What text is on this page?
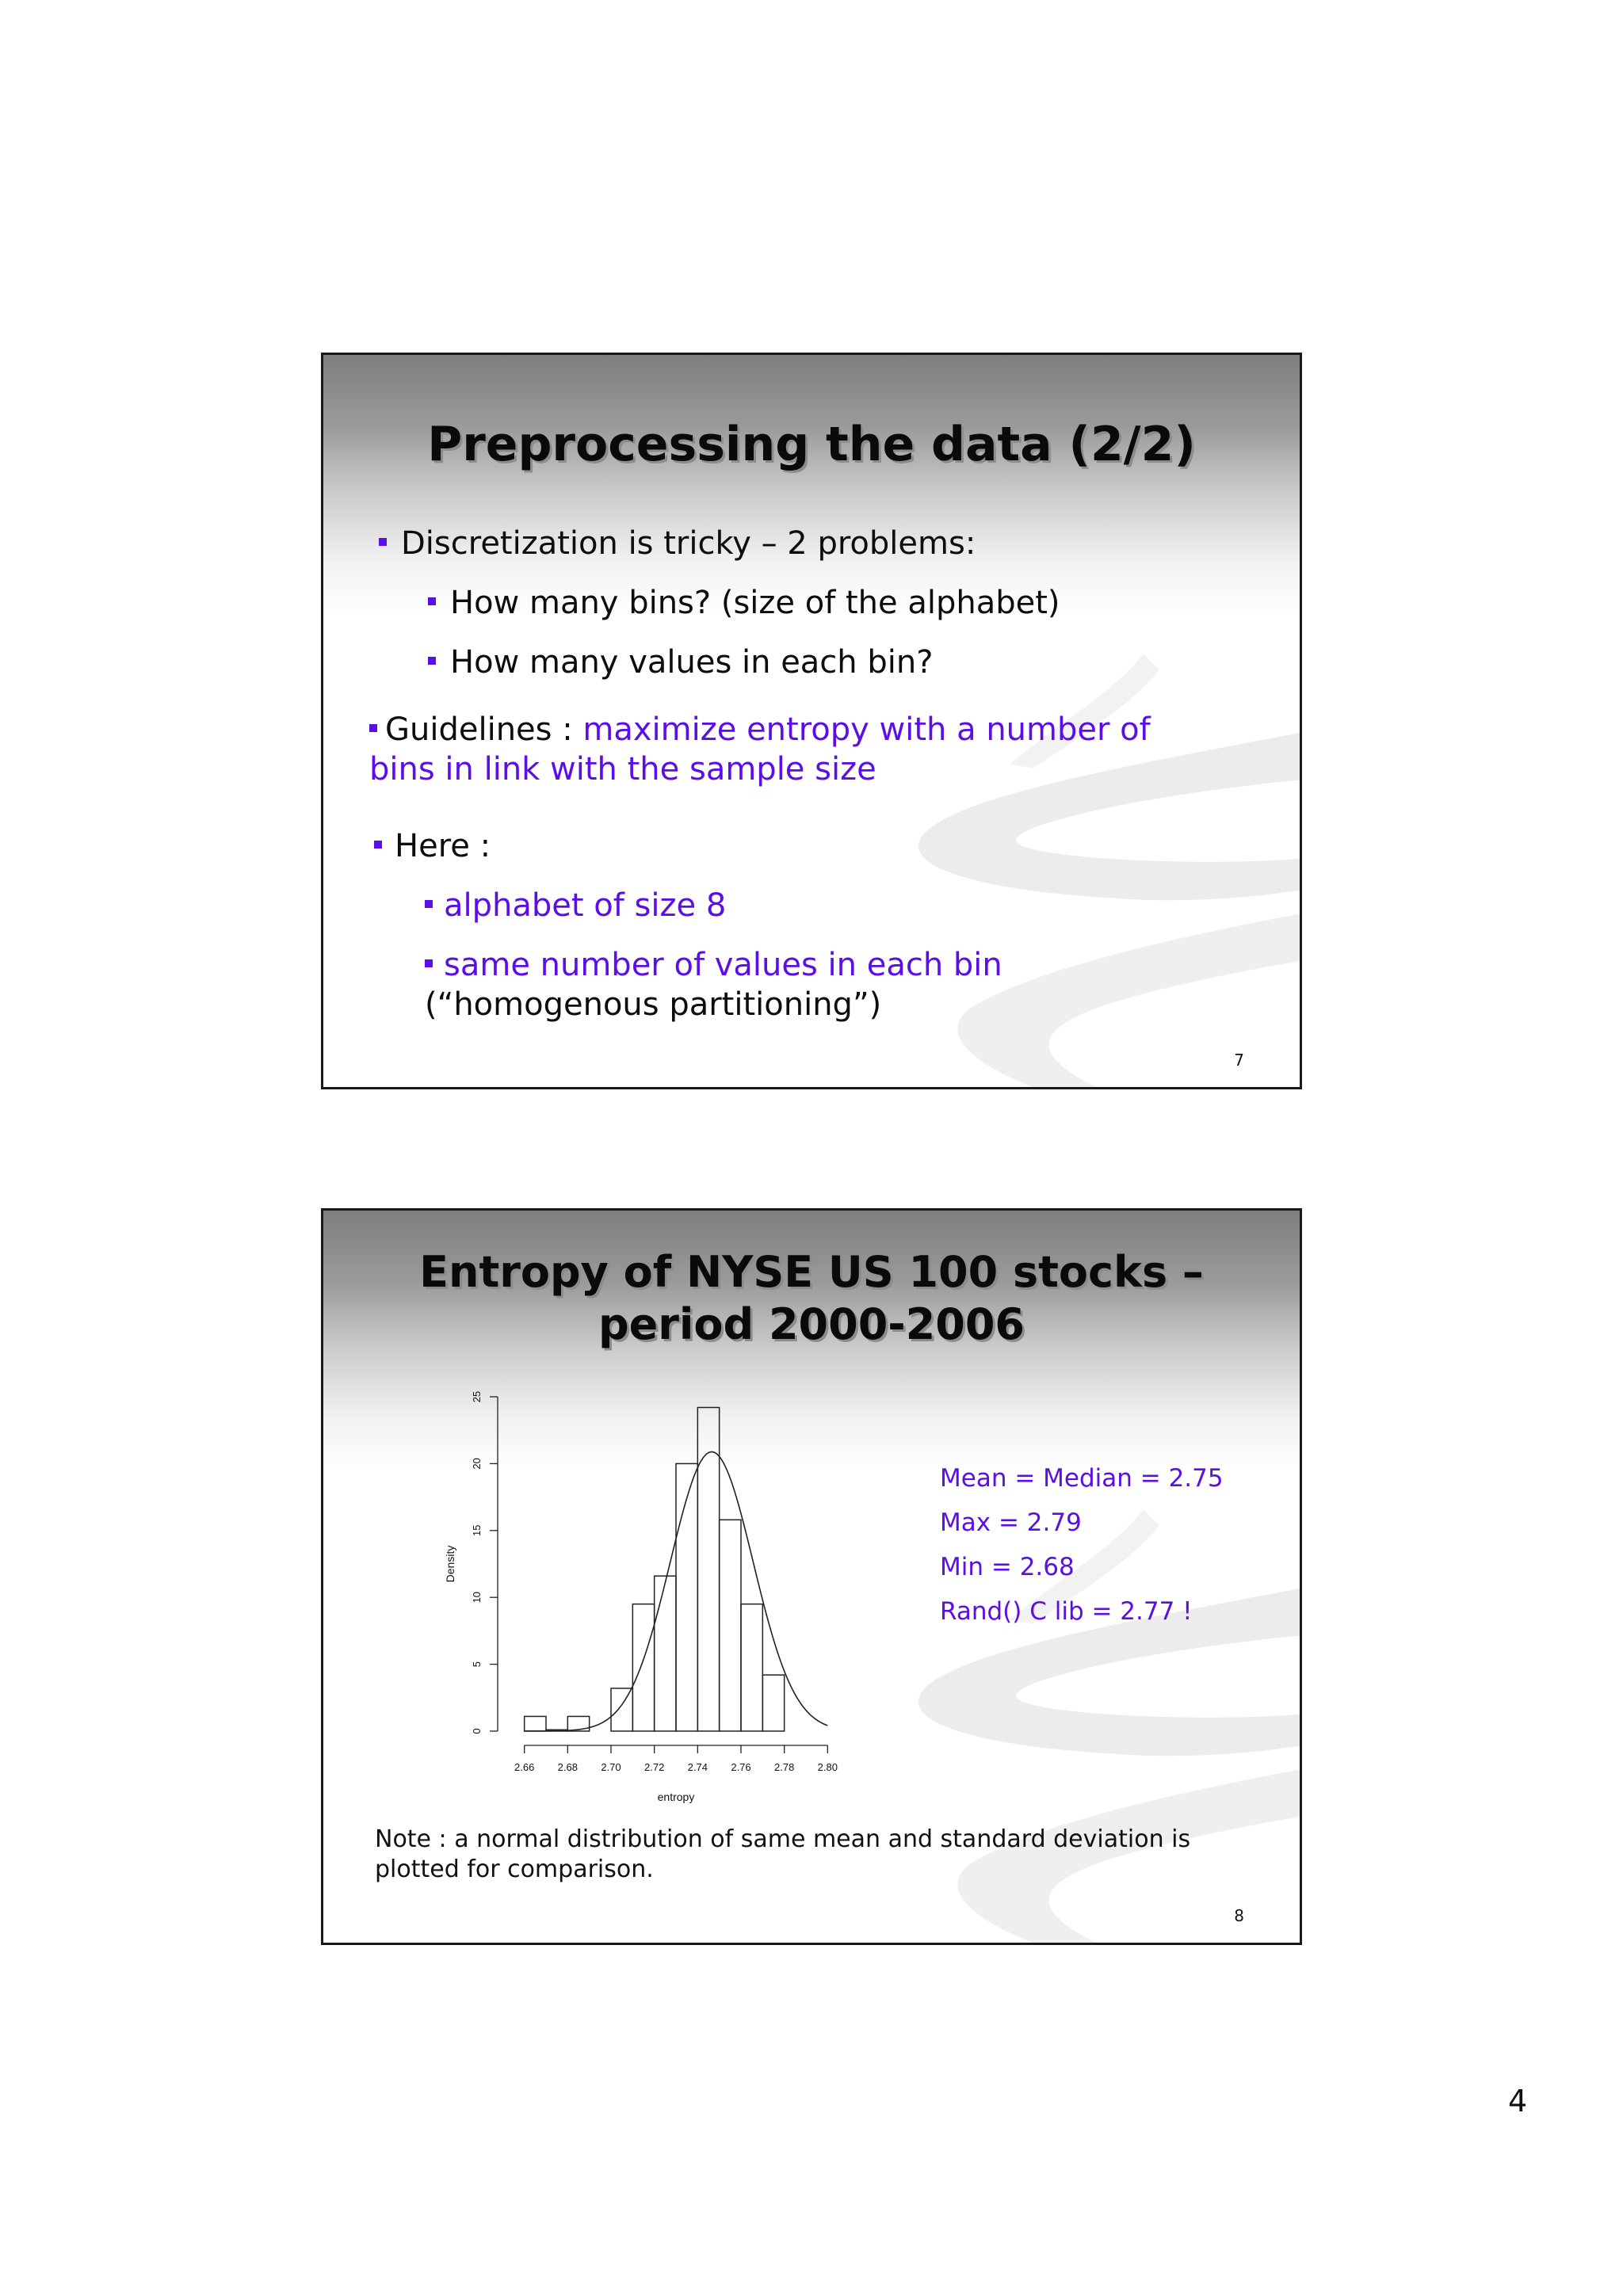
Preprocessing the data (2/2)

Discretization is tricky – 2 problems:

How many bins? (size of the alphabet)

How many values in each bin?

Guidelines : maximize entropy with a number of

bins in link with the sample size

Here :

alphabet of size 8

same number of values in each bin

(“homogenous partitioning”)

7

Entropy of NYSE US 100 stocks –
period 2000-2006
2.66 2.68 2.70 2.72 2.74 2.76 2.78 2.80
entropy
0
5
10
15
20
25
Density

Mean = Median = 2.75

Max = 2.79

Min = 2.68

Rand() C lib = 2.77 !

Note : a normal distribution of same mean and standard deviation is
plotted for comparison.

8

4
